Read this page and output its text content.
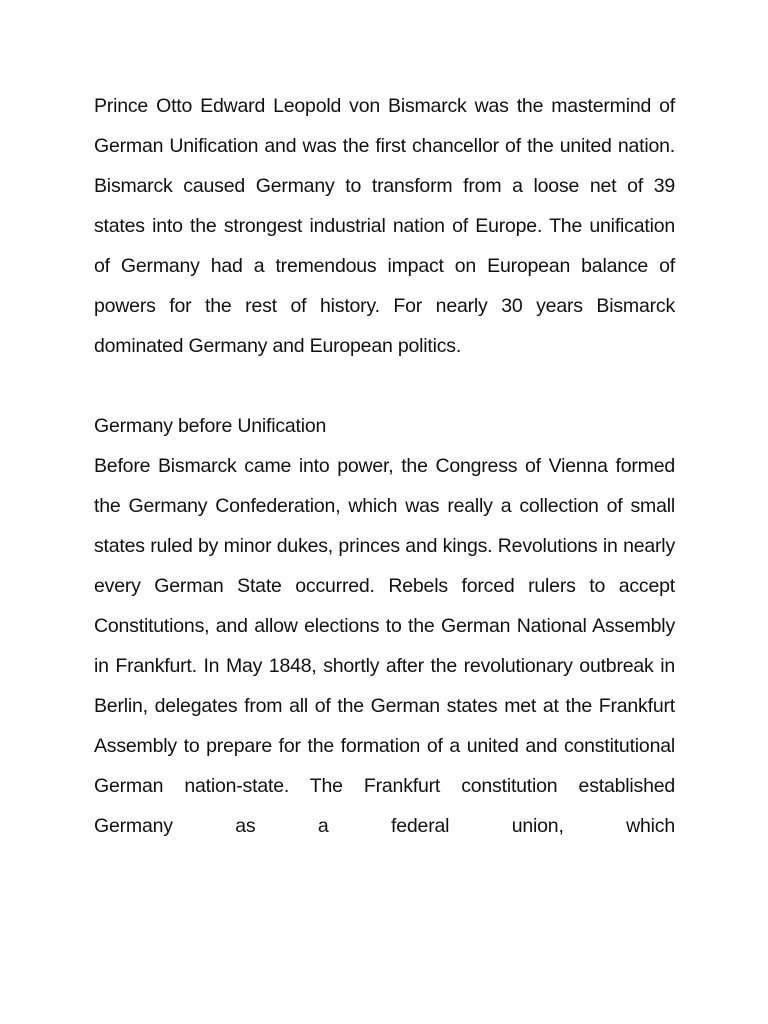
Prince Otto Edward Leopold von Bismarck was the mastermind of German Unification and was the first chancellor of the united nation. Bismarck caused Germany to transform from a loose net of 39 states into the strongest industrial nation of Europe. The unification of Germany had a tremendous impact on European balance of powers for the rest of history. For nearly 30 years Bismarck dominated Germany and European politics.

Germany before Unification

Before Bismarck came into power, the Congress of Vienna formed the Germany Confederation, which was really a collection of small states ruled by minor dukes, princes and kings. Revolutions in nearly every German State occurred. Rebels forced rulers to accept Constitutions, and allow elections to the German National Assembly in Frankfurt. In May 1848, shortly after the revolutionary outbreak in Berlin, delegates from all of the German states met at the Frankfurt Assembly to prepare for the formation of a united and constitutional German nation-state. The Frankfurt constitution established Germany as a federal union, which
